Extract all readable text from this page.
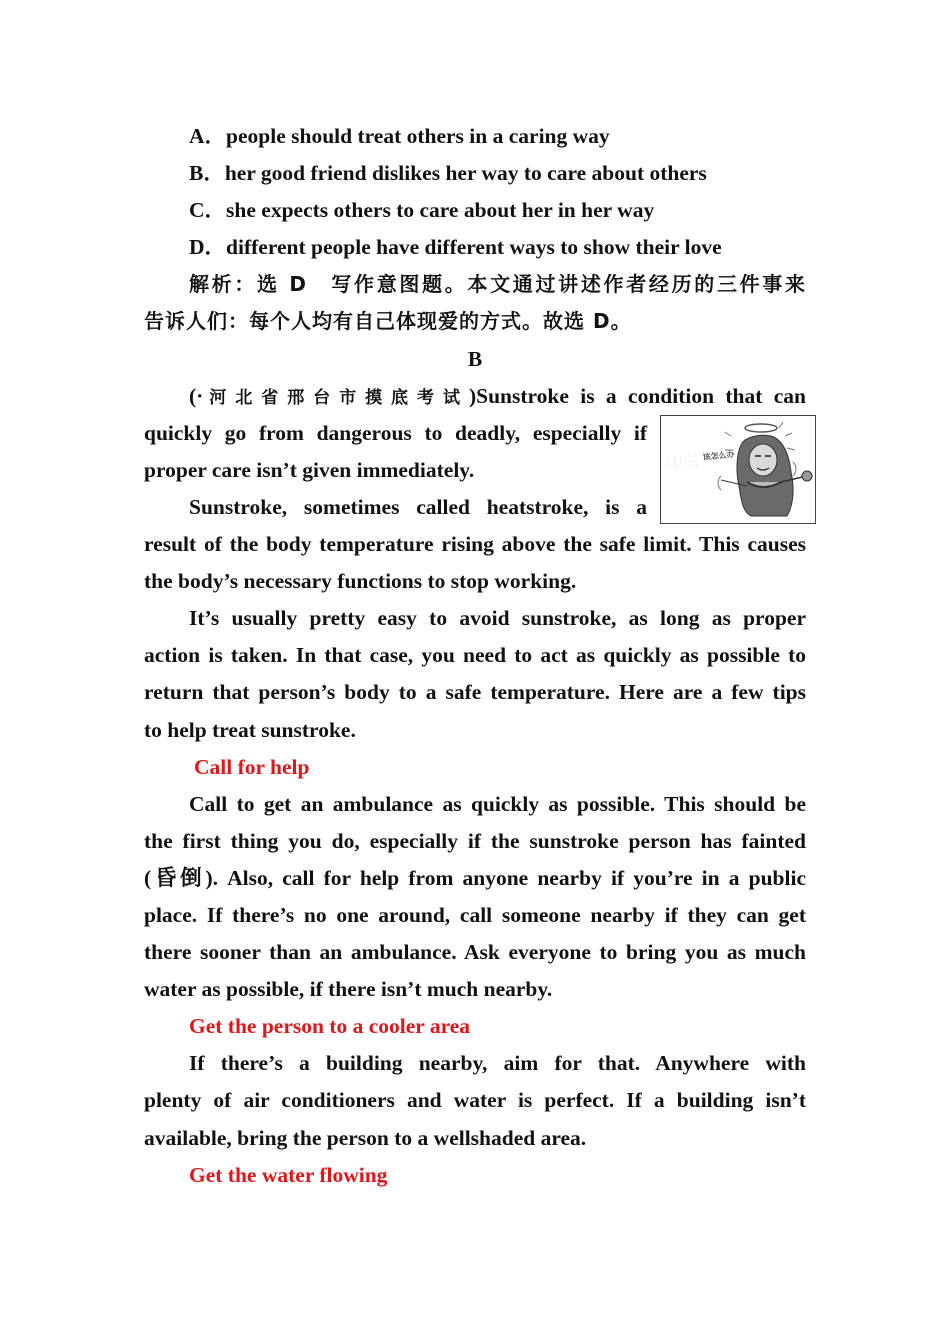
A．people should treat others in a caring way
B．her good friend dislikes her way to care about others
C．she expects others to care about her in her way
D．different people have different ways to show their love
解析：选 D　写作意图题。本文通过讲述作者经历的三件事来
告诉人们：每个人均有自己体现爱的方式。故选 D。
B
(·河北省邢台市摸底考试)Sunstroke is a condition that can
quickly go from dangerous to deadly, especially if
proper care isn’t given immediately.
Sunstroke, sometimes called heatstroke, is a
result of the body temperature rising above the safe limit. This causes
the body’s necessary functions to stop working.
It’s usually pretty easy to avoid sunstroke, as long as proper
action is taken. In that case, you need to act as quickly as possible to
return that person’s body to a safe temperature. Here are a few tips
to help treat sunstroke.
Call for help
Call to get an ambulance as quickly as possible. This should be
the first thing you do, especially if the sunstroke person has fainted
(昏倒). Also, call for help from anyone nearby if you’re in a public
place. If there’s no one around, call someone nearby if they can get
there sooner than an ambulance. Ask everyone to bring you as much
water as possible, if there isn’t much nearby.
Get the person to a cooler area
If there’s a building nearby, aim for that. Anywhere with
plenty of air conditioners and water is perfect. If a building isn’t
available, bring the person to a wellshaded area.
Get the water flowing
中暑 该怎么办
